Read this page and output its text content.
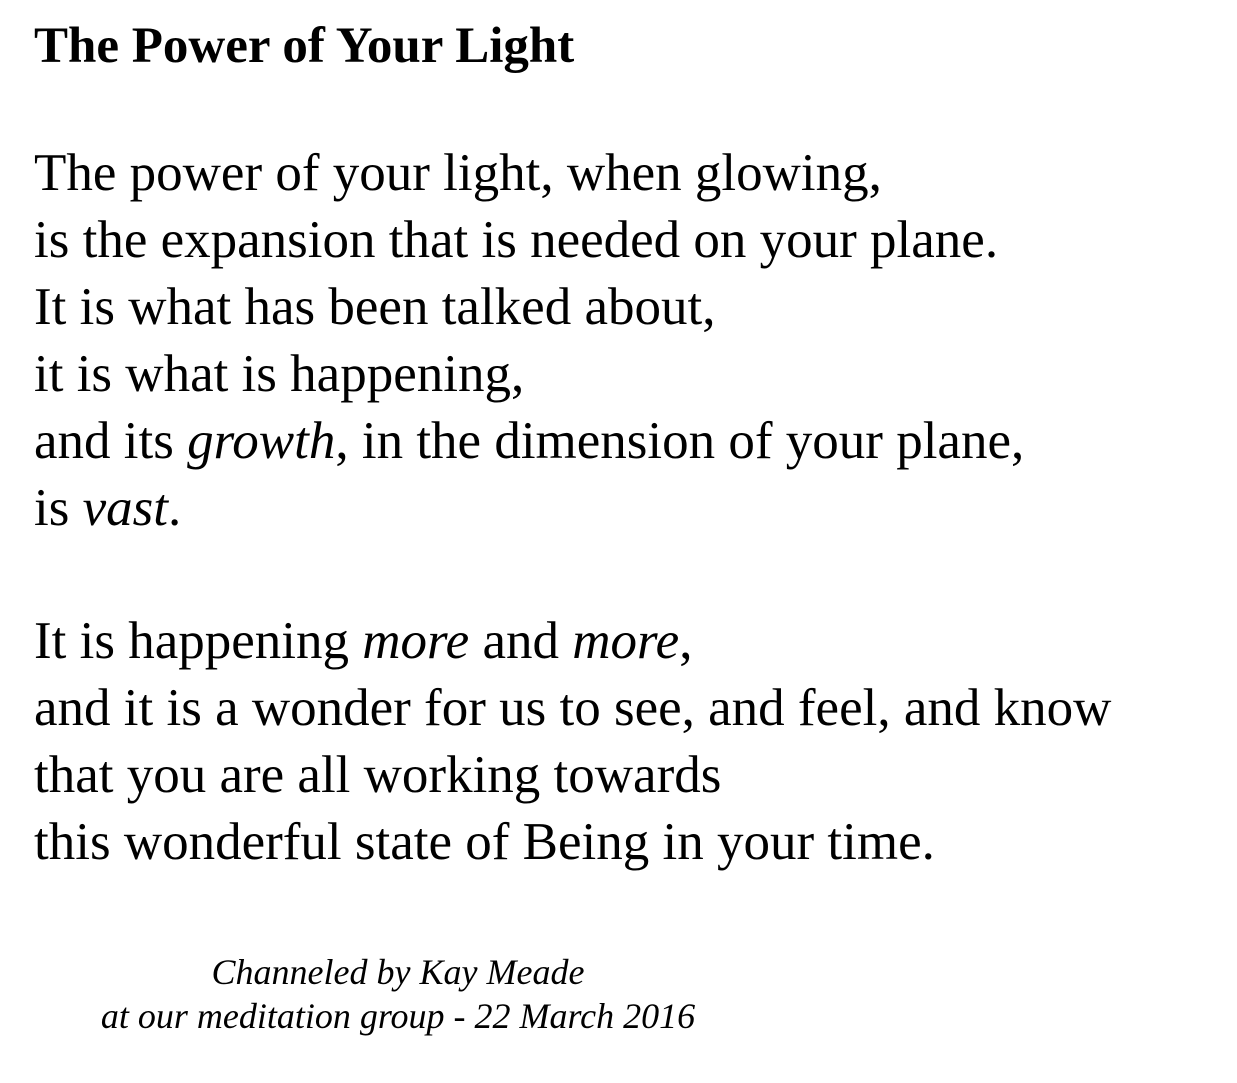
The Power of Your Light

The power of your light, when glowing,
is the expansion that is needed on your plane.
It is what has been talked about,
it is what is happening,
and its growth, in the dimension of your plane,
is vast.

It is happening more and more,
and it is a wonder for us to see, and feel, and know
that you are all working towards
this wonderful state of Being in your time.

Channeled by Kay Meade
at our meditation group - 22 March 2016
